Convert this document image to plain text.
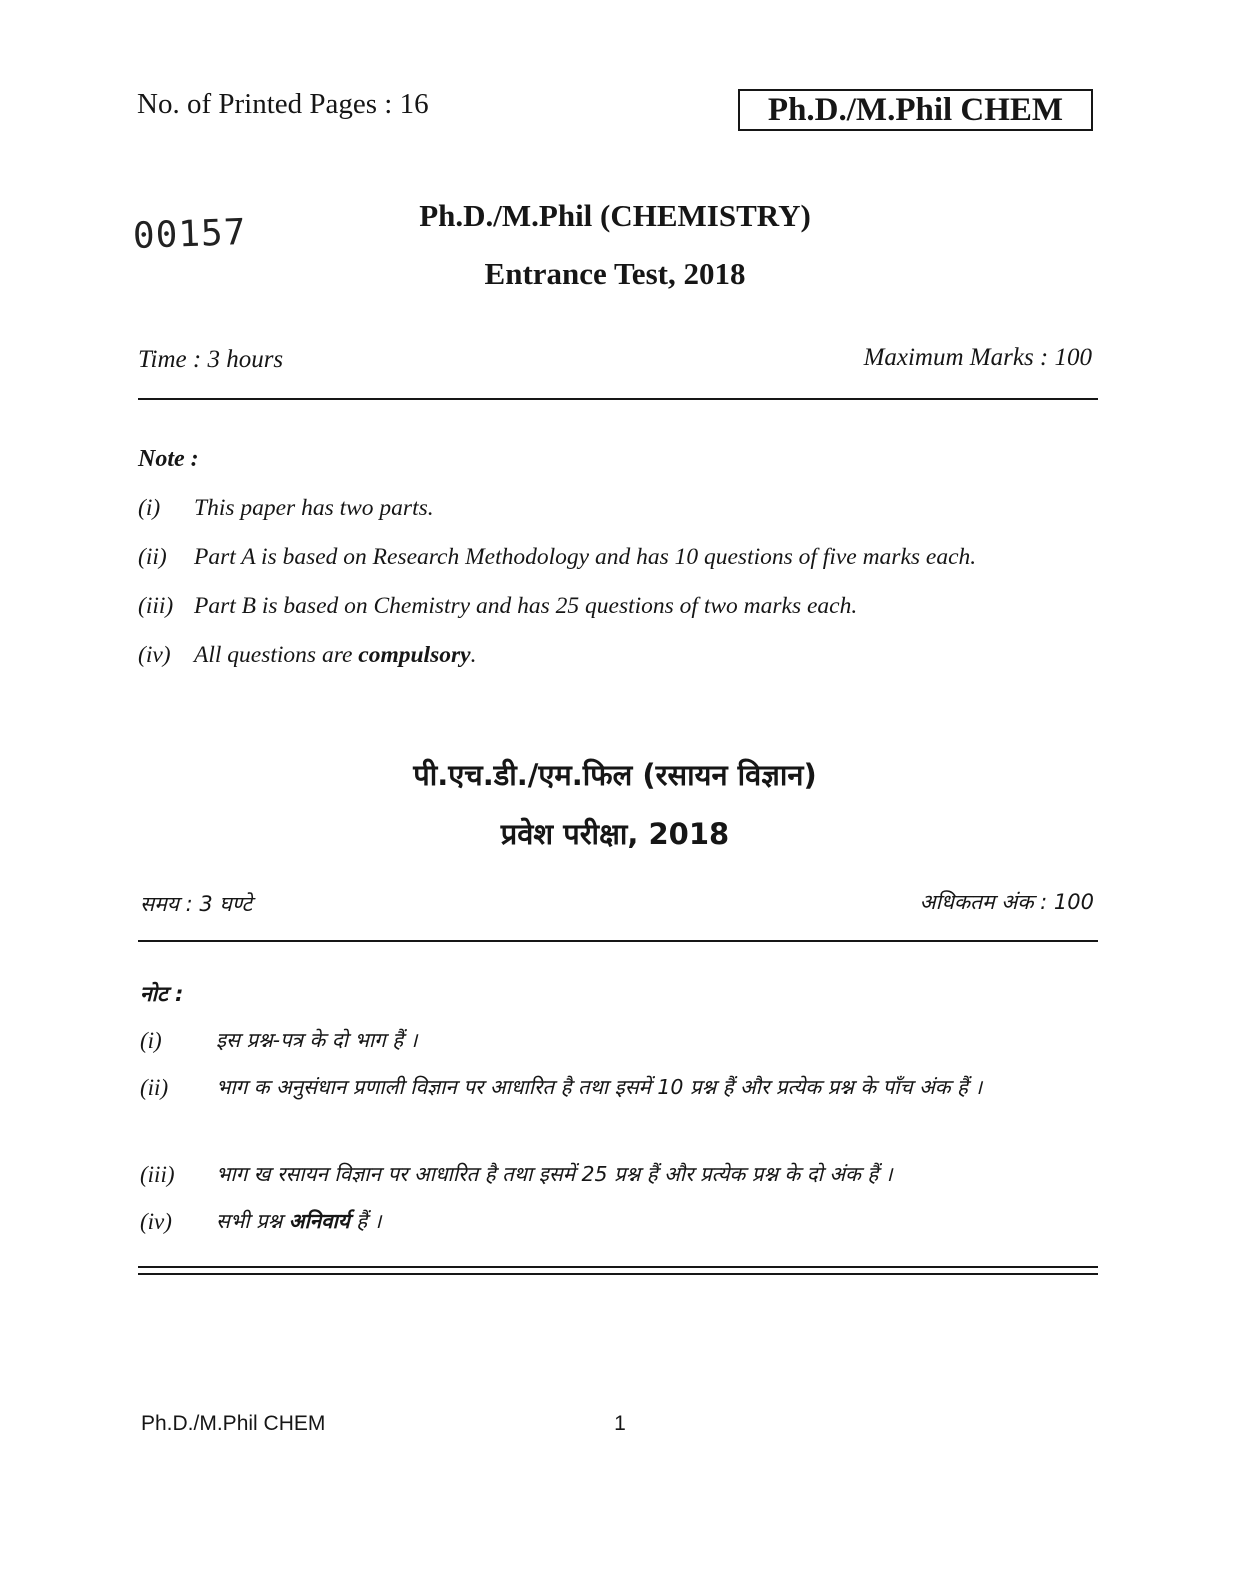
No. of Printed Pages : 16	Ph.D./M.Phil CHEM
00157	Ph.D./M.Phil (CHEMISTRY)
Entrance Test, 2018
Time : 3 hours	Maximum Marks : 100
Note :
(i)	This paper has two parts.
(ii)	Part A is based on Research Methodology and has 10 questions of five marks each.
(iii) Part B is based on Chemistry and has 25 questions of two marks each.
(iv) All questions are compulsory.
पी.एच.डी./एम.फिल (रसायन विज्ञान)
प्रवेश परीक्षा, 2018
समय : 3 घण्टे	अधिकतम अंक : 100
नोट :
(i)	इस प्रश्न-पत्र के दो भाग हैं ।
(ii)	भाग क अनुसंधान प्रणाली विज्ञान पर आधारित है तथा इसमें 10 प्रश्न हैं और प्रत्येक प्रश्न के पाँच अंक हैं ।
(iii)	भाग ख रसायन विज्ञान पर आधारित है तथा इसमें 25 प्रश्न हैं और प्रत्येक प्रश्न के दो अंक हैं ।
(iv)	सभी प्रश्न अनिवार्य हैं ।
Ph.D./M.Phil CHEM	1
